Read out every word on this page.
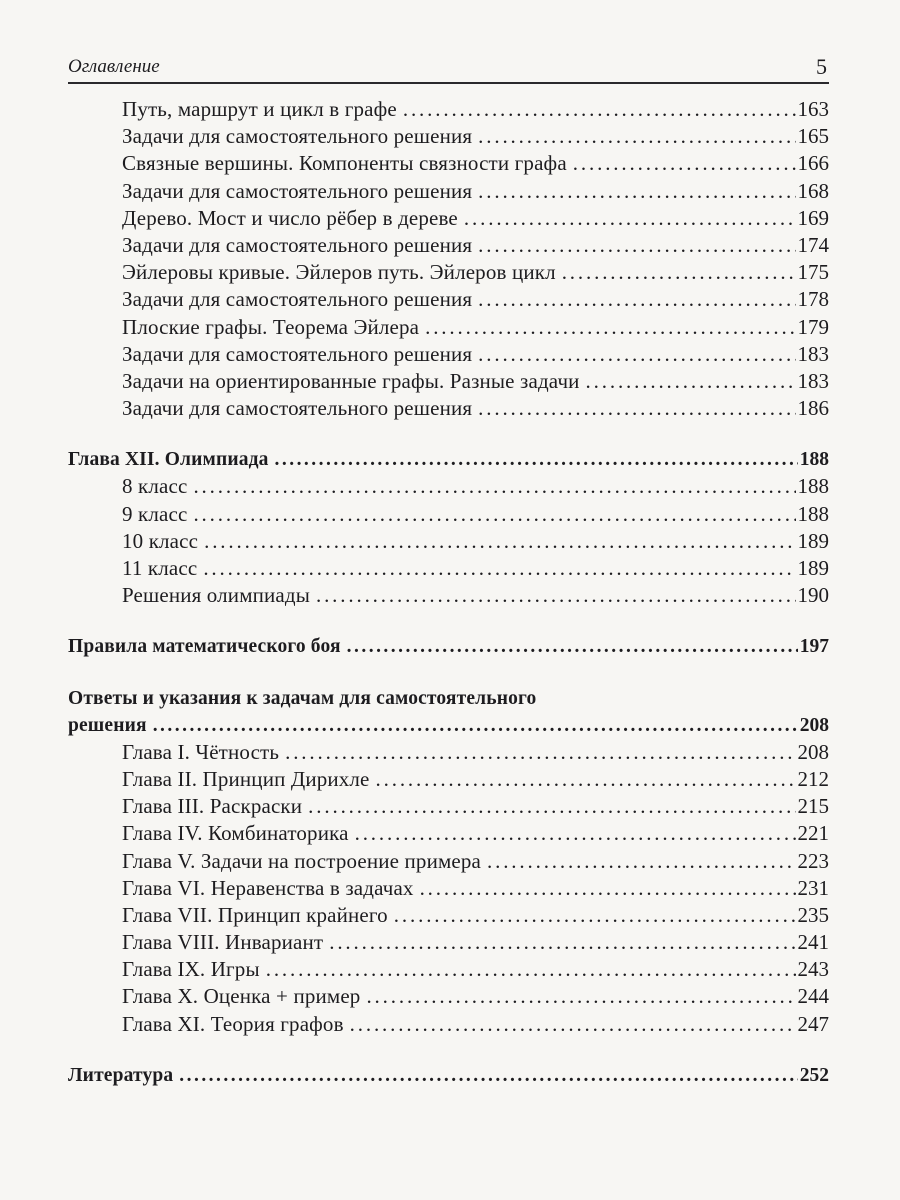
Оглавление	5
Путь, маршрут и цикл в графе . . .	163
Задачи для самостоятельного решения . . .	165
Связные вершины. Компоненты связности графа . . .	166
Задачи для самостоятельного решения . . .	168
Дерево. Мост и число рёбер в дереве . . .	169
Задачи для самостоятельного решения . . .	174
Эйлеровы кривые. Эйлеров путь. Эйлеров цикл . . .	175
Задачи для самостоятельного решения . . .	178
Плоские графы. Теорема Эйлера . . .	179
Задачи для самостоятельного решения . . .	183
Задачи на ориентированные графы. Разные задачи . . .	183
Задачи для самостоятельного решения . . .	186
Глава XII. Олимпиада . . .	188
8 класс . . .	188
9 класс . . .	188
10 класс . . .	189
11 класс . . .	189
Решения олимпиады . . .	190
Правила математического боя . . .	197
Ответы и указания к задачам для самостоятельного
решения . . .	208
Глава I. Чётность . . .	208
Глава II. Принцип Дирихле . . .	212
Глава III. Раскраски . . .	215
Глава IV. Комбинаторика . . .	221
Глава V. Задачи на построение примера . . .	223
Глава VI. Неравенства в задачах . . .	231
Глава VII. Принцип крайнего . . .	235
Глава VIII. Инвариант . . .	241
Глава IX. Игры . . .	243
Глава X. Оценка + пример . . .	244
Глава XI. Теория графов . . .	247
Литература . . .	252
